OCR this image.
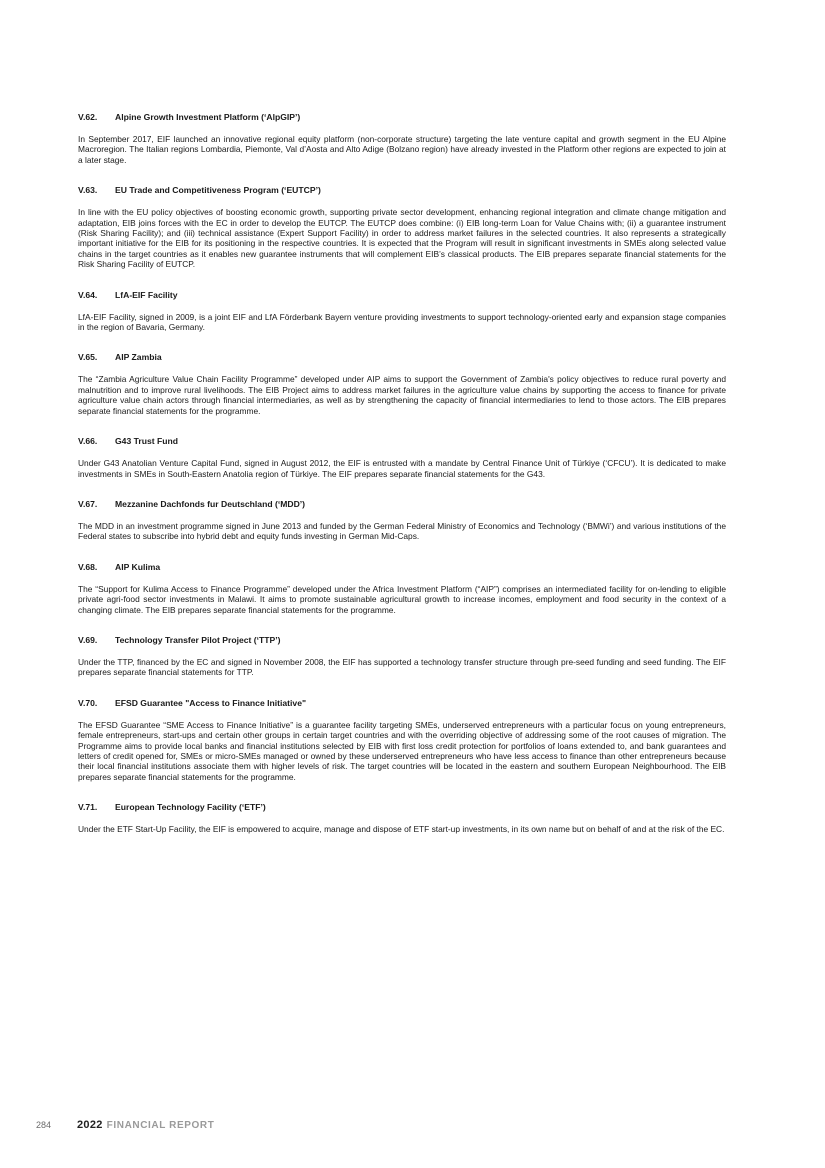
V.62. Alpine Growth Investment Platform (‘AlpGIP’)

In September 2017, EIF launched an innovative regional equity platform (non-corporate structure) targeting the late venture capital and growth segment in the EU Alpine Macroregion. The Italian regions Lombardia, Piemonte, Val d’Aosta and Alto Adige (Bolzano region) have already invested in the Platform other regions are expected to join at a later stage.

V.63. EU Trade and Competitiveness Program (‘EUTCP’)

In line with the EU policy objectives of boosting economic growth, supporting private sector development, enhancing regional integration and climate change mitigation and adaptation, EIB joins forces with the EC in order to develop the EUTCP. The EUTCP does combine: (i) EIB long-term Loan for Value Chains with; (ii) a guarantee instrument (Risk Sharing Facility); and (iii) technical assistance (Expert Support Facility) in order to address market failures in the selected countries. It also represents a strategically important initiative for the EIB for its positioning in the respective countries. It is expected that the Program will result in significant investments in SMEs along selected value chains in the target countries as it enables new guarantee instruments that will complement EIB’s classical products. The EIB prepares separate financial statements for the Risk Sharing Facility of EUTCP.

V.64. LfA-EIF Facility

LfA-EIF Facility, signed in 2009, is a joint EIF and LfA Förderbank Bayern venture providing investments to support technology-oriented early and expansion stage companies in the region of Bavaria, Germany.

V.65. AIP Zambia

The “Zambia Agriculture Value Chain Facility Programme” developed under AIP aims to support the Government of Zambia's policy objectives to reduce rural poverty and malnutrition and to improve rural livelihoods. The EIB Project aims to address market failures in the agriculture value chains by supporting the access to finance for private agriculture value chain actors through financial intermediaries, as well as by strengthening the capacity of financial intermediaries to lend to those actors. The EIB prepares separate financial statements for the programme.

V.66. G43 Trust Fund

Under G43 Anatolian Venture Capital Fund, signed in August 2012, the EIF is entrusted with a mandate by Central Finance Unit of Türkiye (‘CFCU’). It is dedicated to make investments in SMEs in South-Eastern Anatolia region of Türkiye. The EIF prepares separate financial statements for the G43.

V.67. Mezzanine Dachfonds fur Deutschland (‘MDD’)

The MDD in an investment programme signed in June 2013 and funded by the German Federal Ministry of Economics and Technology (‘BMWi’) and various institutions of the Federal states to subscribe into hybrid debt and equity funds investing in German Mid-Caps.

V.68. AIP Kulima

The “Support for Kulima Access to Finance Programme” developed under the Africa Investment Platform (“AIP”) comprises an intermediated facility for on-lending to eligible private agri-food sector investments in Malawi. It aims to promote sustainable agricultural growth to increase incomes, employment and food security in the context of a changing climate. The EIB prepares separate financial statements for the programme.

V.69. Technology Transfer Pilot Project (‘TTP’)

Under the TTP, financed by the EC and signed in November 2008, the EIF has supported a technology transfer structure through pre-seed funding and seed funding. The EIF prepares separate financial statements for TTP.

V.70. EFSD Guarantee "Access to Finance Initiative"

The EFSD Guarantee “SME Access to Finance Initiative” is a guarantee facility targeting SMEs, underserved entrepreneurs with a particular focus on young entrepreneurs, female entrepreneurs, start-ups and certain other groups in certain target countries and with the overriding objective of addressing some of the root causes of migration. The Programme aims to provide local banks and financial institutions selected by EIB with first loss credit protection for portfolios of loans extended to, and bank guarantees and letters of credit opened for, SMEs or micro-SMEs managed or owned by these underserved entrepreneurs who have less access to finance than other entrepreneurs because their local financial institutions associate them with higher levels of risk. The target countries will be located in the eastern and southern European Neighbourhood. The EIB prepares separate financial statements for the programme.

V.71. European Technology Facility (‘ETF’)

Under the ETF Start-Up Facility, the EIF is empowered to acquire, manage and dispose of ETF start-up investments, in its own name but on behalf of and at the risk of the EC.

284	2022 FINANCIAL REPORT
